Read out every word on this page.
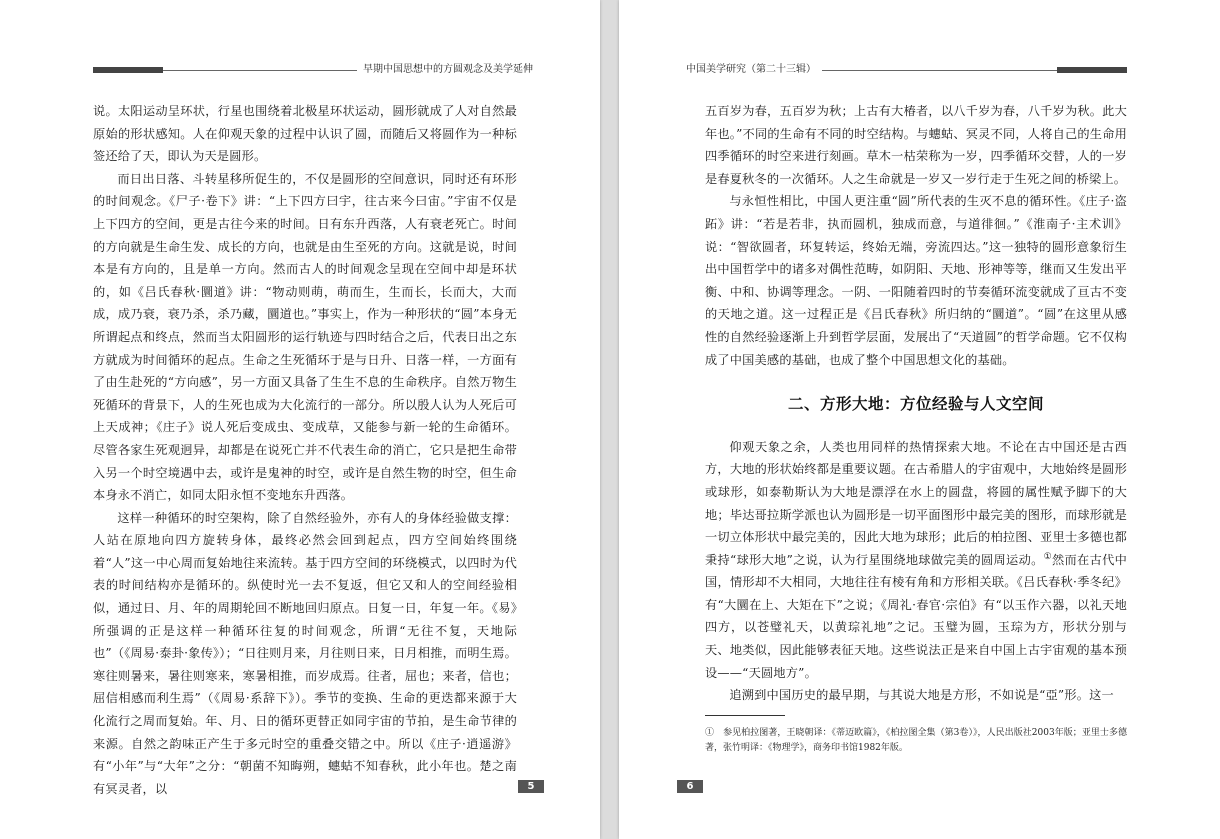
早期中国思想中的方圆观念及美学延伸

说。太阳运动呈环状，行星也围绕着北极星环状运动，圆形就成了人对自然最原始的形状感知。人在仰观天象的过程中认识了圆，而随后又将圆作为一种标签还给了天，即认为天是圆形。

而日出日落、斗转星移所促生的，不仅是圆形的空间意识，同时还有环形的时间观念。《尸子·卷下》讲：“上下四方曰宇，往古来今曰宙。”宇宙不仅是上下四方的空间，更是古往今来的时间。日有东升西落，人有衰老死亡。时间的方向就是生命生发、成长的方向，也就是由生至死的方向。这就是说，时间本是有方向的，且是单一方向。然而古人的时间观念呈现在空间中却是环状的，如《吕氏春秋·圜道》讲：“物动则萌，萌而生，生而长，长而大，大而成，成乃衰，衰乃杀，杀乃藏，圜道也。”事实上，作为一种形状的“圆”本身无所谓起点和终点，然而当太阳圆形的运行轨迹与四时结合之后，代表日出之东方就成为时间循环的起点。生命之生死循环于是与日升、日落一样，一方面有了由生赴死的“方向感”，另一方面又具备了生生不息的生命秩序。自然万物生死循环的背景下，人的生死也成为大化流行的一部分。所以殷人认为人死后可上天成神；《庄子》说人死后变成虫、变成草，又能参与新一轮的生命循环。尽管各家生死观迥异，却都是在说死亡并不代表生命的消亡，它只是把生命带入另一个时空境遇中去，或许是鬼神的时空，或许是自然生物的时空，但生命本身永不消亡，如同太阳永恒不变地东升西落。

这样一种循环的时空架构，除了自然经验外，亦有人的身体经验做支撑：人站在原地向四方旋转身体，最终必然会回到起点，四方空间始终围绕着“人”这一中心周而复始地往来流转。基于四方空间的环绕模式，以四时为代表的时间结构亦是循环的。纵使时光一去不复返，但它又和人的空间经验相似，通过日、月、年的周期轮回不断地回归原点。日复一日，年复一年。《易》所强调的正是这样一种循环往复的时间观念，所谓“无往不复，天地际也”（《周易·泰卦·象传》）；“日往则月来，月往则日来，日月相推，而明生焉。寒往则暑来，暑往则寒来，寒暑相推，而岁成焉。往者，屈也；来者，信也；屈信相感而利生焉”（《周易·系辞下》）。季节的变换、生命的更迭都来源于大化流行之周而复始。年、月、日的循环更替正如同宇宙的节拍，是生命节律的来源。自然之韵味正产生于多元时空的重叠交错之中。所以《庄子·逍遥游》有“小年”与“大年”之分：“朝菌不知晦朔，蟪蛄不知春秋，此小年也。楚之南有冥灵者，以	5
中国美学研究（第二十三辑）

五百岁为春，五百岁为秋；上古有大椿者，以八千岁为春，八千岁为秋。此大年也。”不同的生命有不同的时空结构。与蟪蛄、冥灵不同，人将自己的生命用四季循环的时空来进行刻画。草木一枯荣称为一岁，四季循环交替，人的一岁是春夏秋冬的一次循环。人之生命就是一岁又一岁行走于生死之间的桥梁上。

与永恒性相比，中国人更注重“圆”所代表的生灭不息的循环性。《庄子·盗跖》讲：“若是若非，执而圆机，独成而意，与道徘徊。”《淮南子·主术训》说：“智欲圆者，环复转运，终始无端，旁流四达。”这一独特的圆形意象衍生出中国哲学中的诸多对偶性范畴，如阴阳、天地、形神等等，继而又生发出平衡、中和、协调等理念。一阴、一阳随着四时的节奏循环流变就成了亘古不变的天地之道。这一过程正是《吕氏春秋》所归纳的“圜道”。“圆”在这里从感性的自然经验逐渐上升到哲学层面，发展出了“天道圆”的哲学命题。它不仅构成了中国美感的基础，也成了整个中国思想文化的基础。

二、方形大地：方位经验与人文空间

仰观天象之余，人类也用同样的热情探索大地。不论在古中国还是古西方，大地的形状始终都是重要议题。在古希腊人的宇宙观中，大地始终是圆形或球形，如泰勒斯认为大地是漂浮在水上的圆盘，将圆的属性赋予脚下的大地；毕达哥拉斯学派也认为圆形是一切平面图形中最完美的图形，而球形就是一切立体形状中最完美的，因此大地为球形；此后的柏拉图、亚里士多德也都秉持“球形大地”之说，认为行星围绕地球做完美的圆周运动。①然而在古代中国，情形却不大相同，大地往往有棱有角和方形相关联。《吕氏春秋·季冬纪》有“大圜在上、大矩在下”之说；《周礼·春官·宗伯》有“以玉作六器，以礼天地四方，以苍璧礼天，以黄琮礼地”之记。玉璧为圆，玉琮为方，形状分别与天、地类似，因此能够表征天地。这些说法正是来自中国上古宇宙观的基本预设——“天圆地方”。

追溯到中国历史的最早期，与其说大地是方形，不如说是“亞”形。这一

①　参见柏拉图著，王晓朝译：《蒂迈欧篇》，《柏拉图全集（第3卷）》，人民出版社2003年版；亚里士多德著，张竹明译：《物理学》，商务印书馆1982年版。
6
